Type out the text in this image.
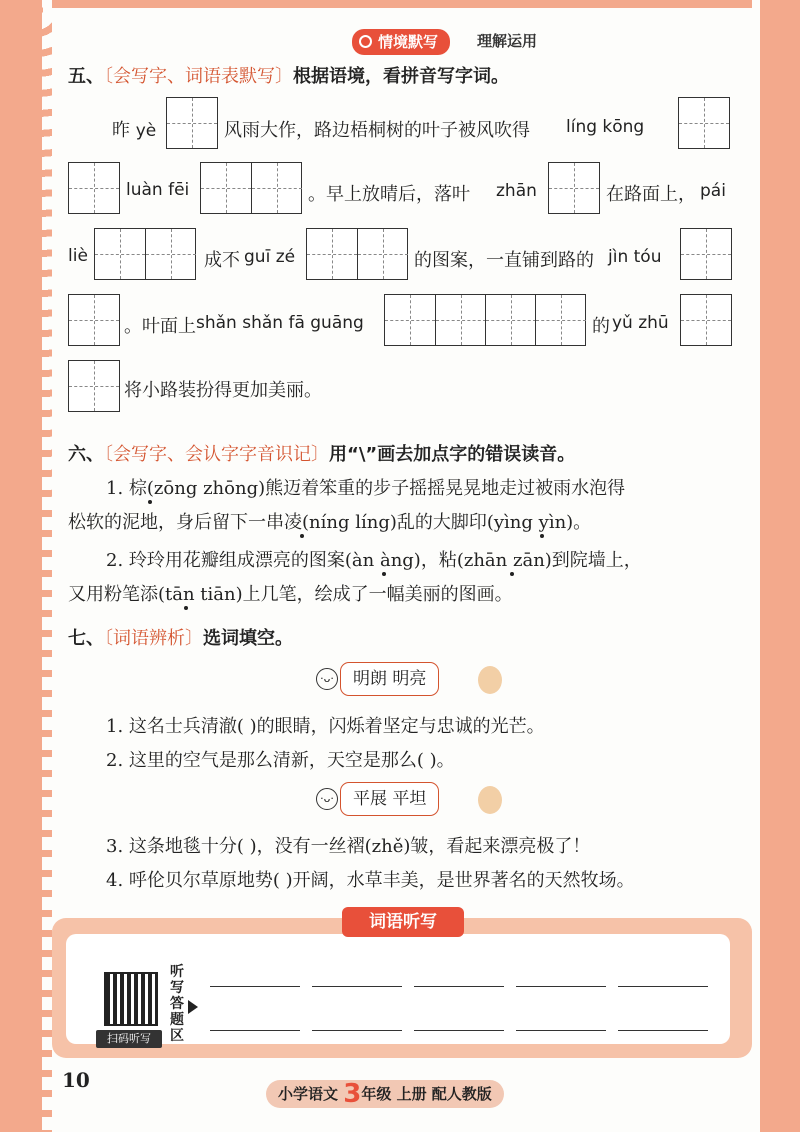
情境默写	理解运用
五、〔会写字、词语表默写〕根据语境，看拼音写字词。
昨 yè	风雨大作，路边梧桐树的叶子被风吹得 líng kōng
luàn fēi	。早上放晴后，落叶 zhān	在路面上， pái
liè	成不 guī zé	的图案，一直铺到路的 jìn tóu
。叶面上 shǎn shǎn fā guāng	的 yǔ zhū
将小路装扮得更加美丽。
六、〔会写字、会认字字音识记〕用“\”画去加点字的错误读音。
1. 棕(zōng zhōng)熊迈着笨重的步子摇摇晃晃地走过被雨水泡得
松软的泥地，身后留下一串凌(níng líng)乱的大脚印(yìng yìn)。
2. 玲玲用花瓣组成漂亮的图案(àn àng)，粘(zhān zān)到院墙上，
又用粉笔添(tān tiān)上几笔，绘成了一幅美丽的图画。
七、〔词语辨析〕选词填空。
·ᴗ·	明朗 明亮
1. 这名士兵清澈( )的眼睛，闪烁着坚定与忠诚的光芒。
2. 这里的空气是那么清新，天空是那么( )。
·ᴗ·	平展 平坦
3. 这条地毯十分( )，没有一丝褶(zhě)皱，看起来漂亮极了！
4. 呼伦贝尔草原地势( )开阔，水草丰美，是世界著名的天然牧场。
扫码听写
听写答题区
词语听写
10
小学语文 3年级 上册 配人教版
